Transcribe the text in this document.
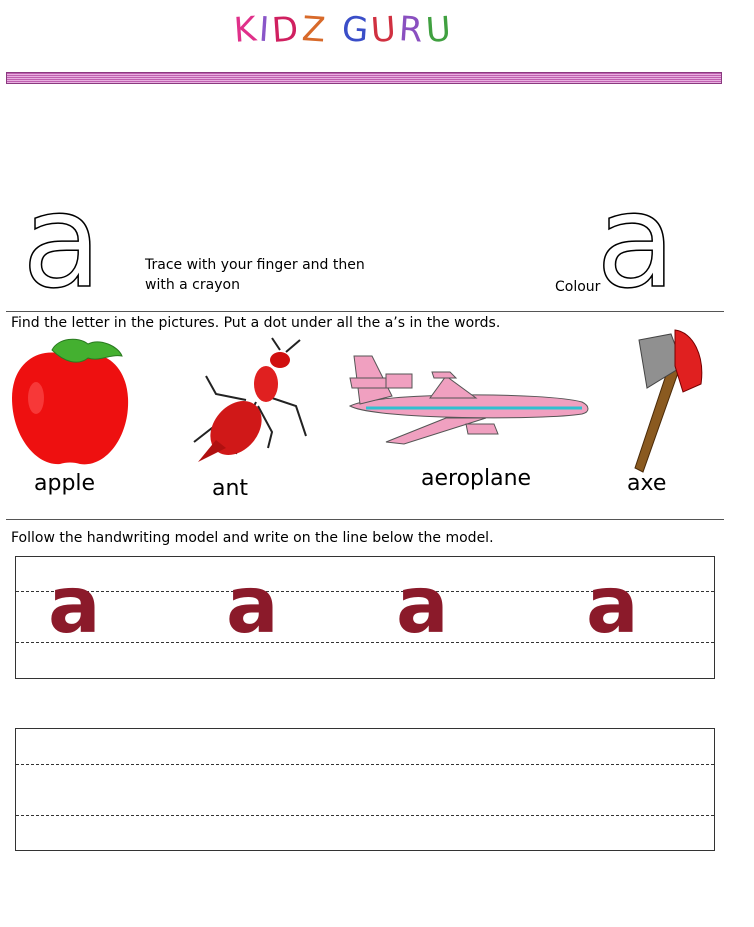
KIDZ GURU
a	Trace with your finger and then with a crayon	Colour
a
Find the letter in the pictures. Put a dot under all the a’s in the words.
apple	ant	aeroplane	axe
Follow the handwriting model and write on the line below the model.
a a a a
